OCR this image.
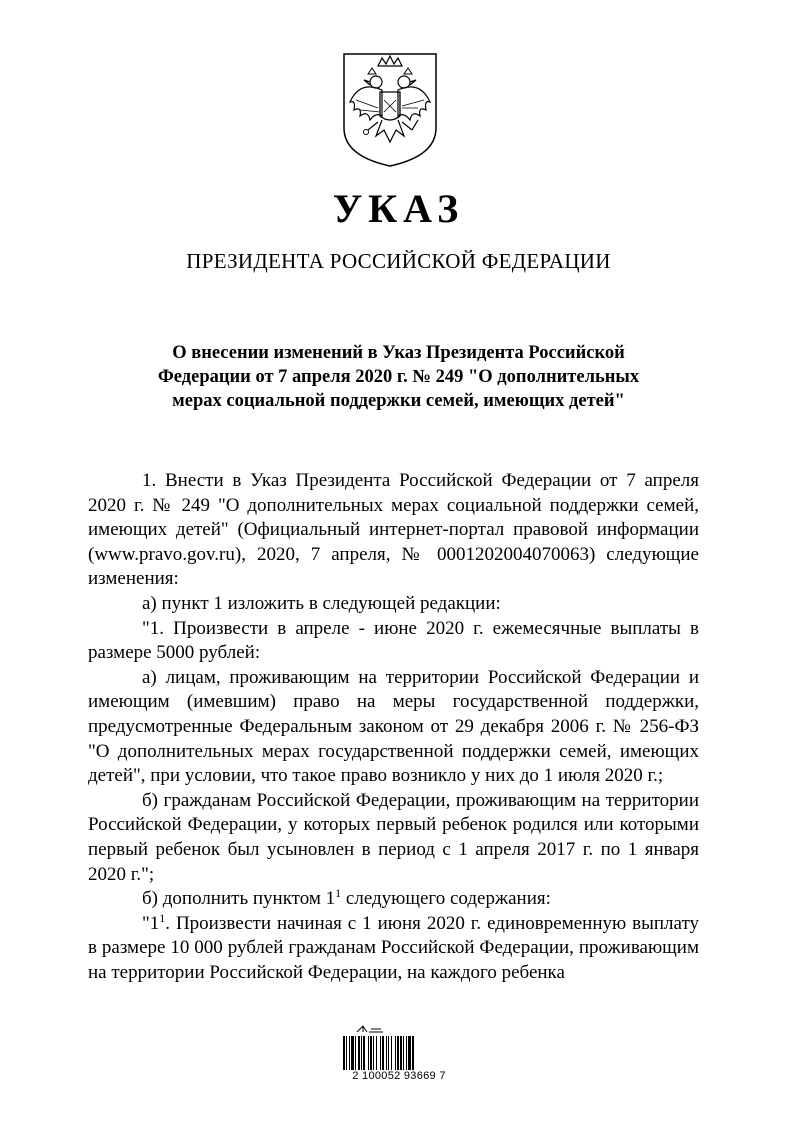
УКАЗ
ПРЕЗИДЕНТА РОССИЙСКОЙ ФЕДЕРАЦИИ
О внесении изменений в Указ Президента Российской
Федерации от 7 апреля 2020 г. № 249 "О дополнительных
мерах социальной поддержки семей, имеющих детей"

1. Внести в Указ Президента Российской Федерации от 7 апреля 2020 г. № 249 "О дополнительных мерах социальной поддержки семей, имеющих детей" (Официальный интернет-портал правовой информации (www.pravo.gov.ru), 2020, 7 апреля, № 0001202004070063) следующие изменения:

а) пункт 1 изложить в следующей редакции:

"1. Произвести в апреле - июне 2020 г. ежемесячные выплаты в размере 5000 рублей:

а) лицам, проживающим на территории Российской Федерации и имеющим (имевшим) право на меры государственной поддержки, предусмотренные Федеральным законом от 29 декабря 2006 г. № 256-ФЗ "О дополнительных мерах государственной поддержки семей, имеющих детей", при условии, что такое право возникло у них до 1 июля 2020 г.;

б) гражданам Российской Федерации, проживающим на территории Российской Федерации, у которых первый ребенок родился или которыми первый ребенок был усыновлен в период с 1 апреля 2017 г. по 1 января 2020 г.";

б) дополнить пунктом $1^1$ следующего содержания:

"$1^1$. Произвести начиная с 1 июня 2020 г. единовременную выплату в размере 10 000 рублей гражданам Российской Федерации, проживающим на территории Российской Федерации, на каждого ребенка

2 100052 93669 7
